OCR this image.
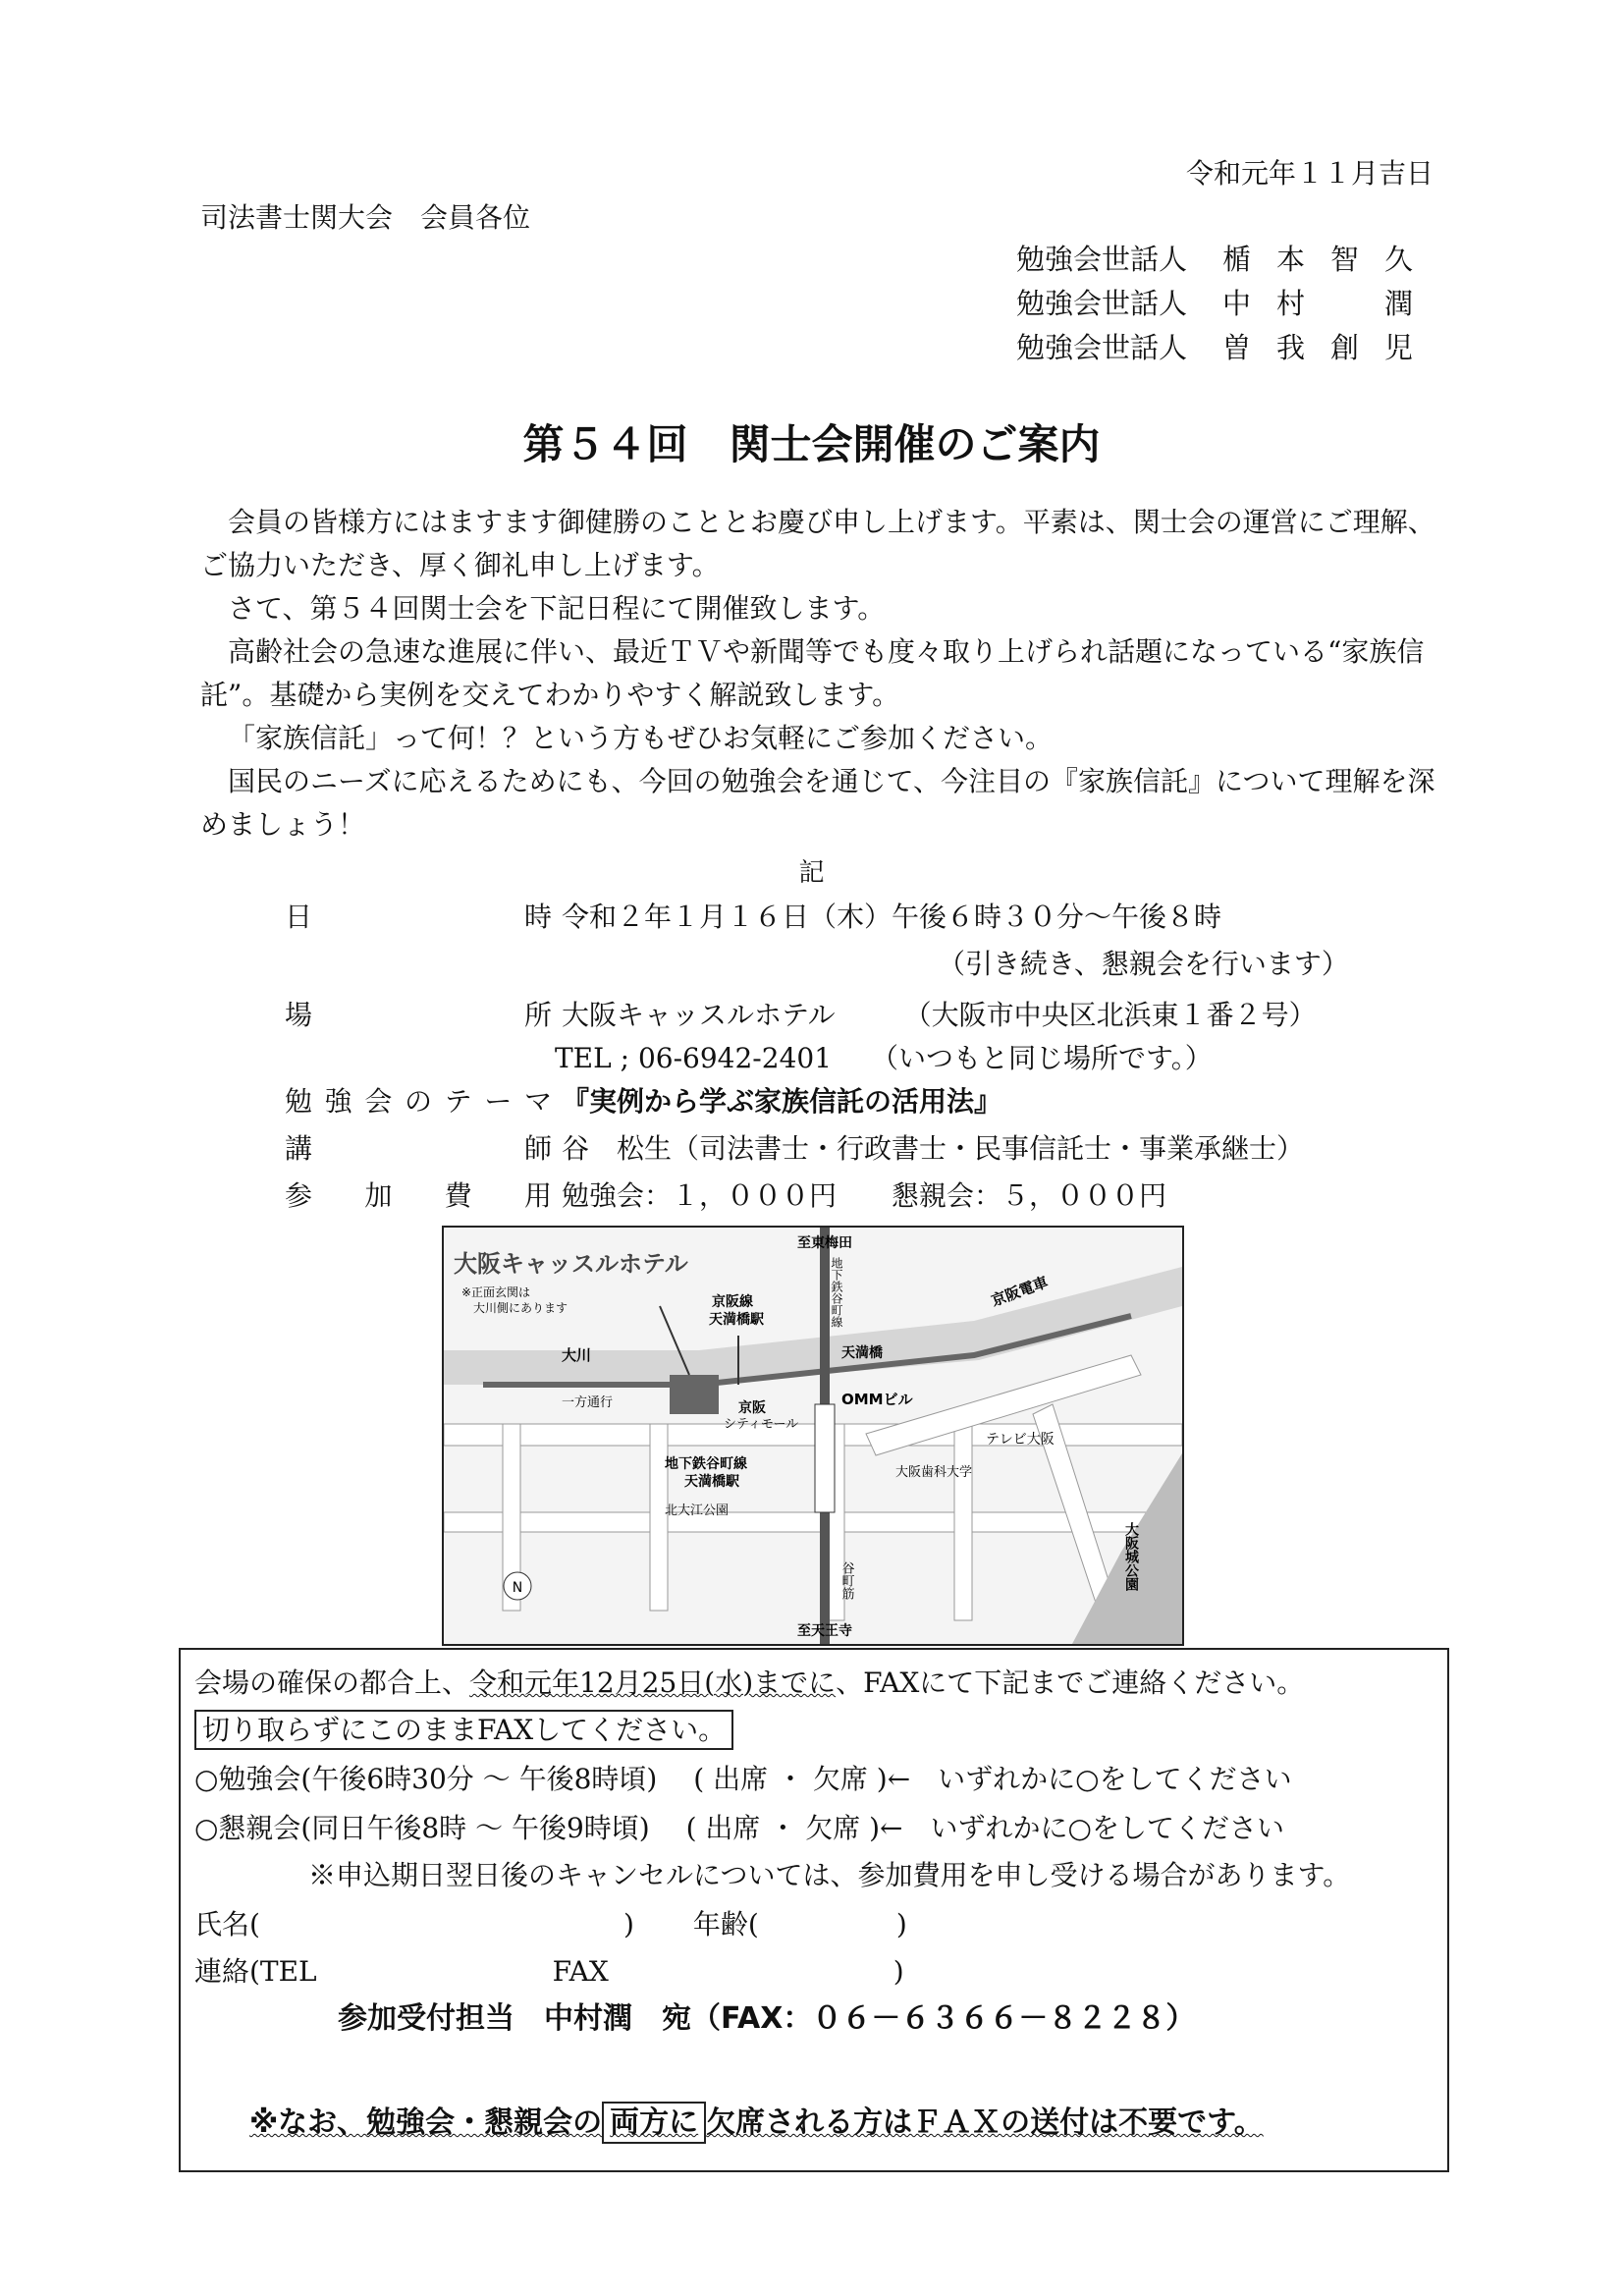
令和元年１１月吉日
司法書士関大会　会員各位
勉強会世話人 楯本智久
勉強会世話人 中村　潤
勉強会世話人 曽我創児
第５４回　関士会開催のご案内

会員の皆様方にはますます御健勝のこととお慶び申し上げます。平素は、関士会の運営にご理解、ご協力いただき、厚く御礼申し上げます。

さて、第５４回関士会を下記日程にて開催致します。

高齢社会の急速な進展に伴い、最近ＴＶや新聞等でも度々取り上げられ話題になっている“家族信託”。基礎から実例を交えてわかりやすく解説致します。

「家族信託」って何！？という方もぜひお気軽にご参加ください。

国民のニーズに応えるためにも、今回の勉強会を通じて、今注目の『家族信託』について理解を深めましょう！

記
日時 令和２年１月１６日（木）午後６時３０分～午後８時
（引き続き、懇親会を行います）
場所 大阪キャッスルホテル	（大阪市中央区北浜東１番２号）
TEL ; 06-6942-2401 （いつもと同じ場所です。）
勉強会のテーマ 『実例から学ぶ家族信託の活用法』
講師 谷　松生（司法書士・行政書士・民事信託士・事業承継士）
参加費用 勉強会：１，０００円　　懇親会：５，０００円
N
大阪キャッスルホテル
※正面玄関は
大川側にあります
至東梅田
至天王寺
京阪線
天満橋駅
天満橋
京阪電車
大川
一方通行	京阪
シティモール
OMMビル
テレビ大阪
大阪歯科大学
地下鉄谷町線
天満橋駅
北大江公園
谷町筋
地下鉄谷町線
大阪城公園
会場の確保の都合上、令和元年12月25日(水)までに、FAXにて下記までご連絡ください。
切り取らずにこのままFAXしてください。
○勉強会(午後6時30分 ～ 午後8時頃)　 ( 出席 ・ 欠席 )←　いずれかに○をしてください
○懇親会(同日午後8時 ～ 午後9時頃)　 ( 出席 ・ 欠席 )←　いずれかに○をしてください
※申込期日翌日後のキャンセルについては、参加費用を申し受ける場合があります。
氏名(	) 年齢(	)
連絡(TEL	FAX	)
参加受付担当　中村潤　宛（FAX：０６－６３６６－８２２８）
※なお、勉強会・懇親会の 両方に 欠席される方はＦＡＸの送付は不要です。
